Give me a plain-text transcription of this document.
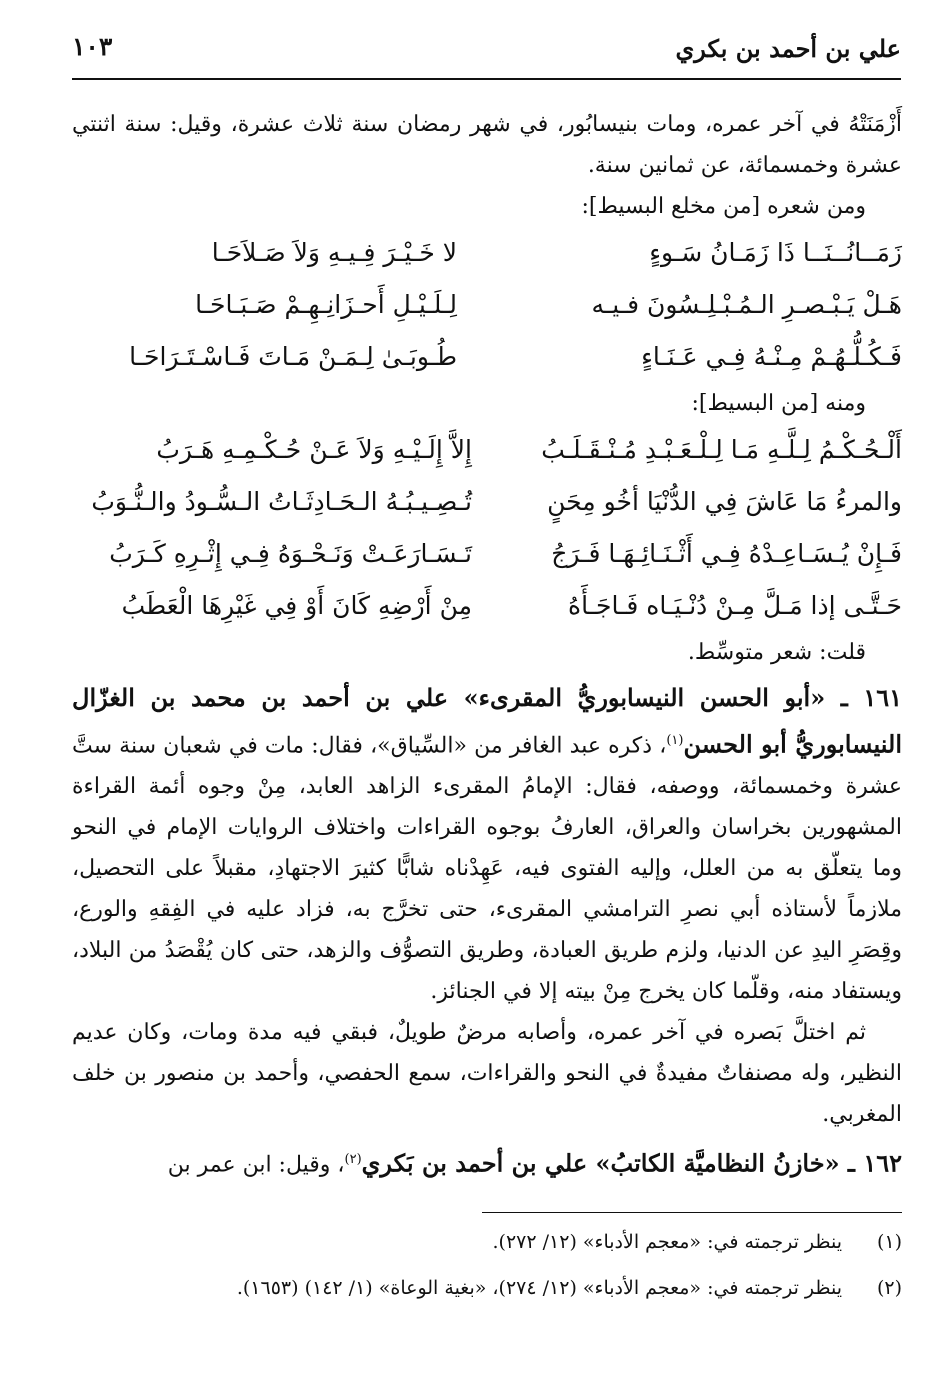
علي بن أحمد بن بكري
١٠٣

أَزْمَنَتْهُ في آخر عمره، ومات بنيسابُور، في شهر رمضان سنة ثلاث عشرة، وقيل: سنة اثنتي عشرة وخمسمائة، عن ثمانين سنة.

ومن شعره [من مخلع البسيط]:

زَمَــانُــنَــا ذَا زَمَـانُ سَـوءٍ
لا خَـيْـرَ فِـيـهِ وَلاَ صَـلاَحَـا
هَـلْ يَـبْـصـرِ الـمُـبْـلِـسُونَ فـيـه
لِـلَـيْـلِ أَحـزَانِـهِـمْ صَـبَـاحَـا
فَـكُـلُّـهُـمْ مِـنْـهُ فِـي عَـنَـاءٍ
طُـوبَـىٰ لِـمَـنْ مَـاتَ فَـاسْـتَـرَاحَـا

ومنه [من البسيط]:

أَلْـحُـكْـمُ لِـلَّـهِ مَـا لِـلْـعَـبْـدِ مُـنْـقَـلَـبُ
إِلاَّ إِلَـيْـهِ وَلاَ عَـنْ حُـكْـمِـهِ هَـرَبُ
والمرءُ مَا عَاشَ فِي الدُّنْيَا أخُو مِحَنٍ
تُـصِـيـبُـهُ الـحَـادِثَـاتُ الـسُّـودُ والـنُّـوَبُ
فَـإِنْ يُـسَـاعِـدْهُ فِـي أَثْـنَـائِـهَـا فَـرَجُ
تَـسَـارَعَـتْ وَنَـحْـوَهُ فِـي إِثْـرِهِ كَـرَبُ
حَـتَّـى إذا مَـلَّ مِـنْ دُنْـيَـاه فَـاجَـأَهُ
مِنْ أَرْضِهِ كَانَ أَوْ فِي غَيْرِهَا الْعَطَبُ

قلت: شعر متوسِّط.

١٦١ ـ «أبو الحسن النيسابوريُّ المقرىء» علي بن أحمد بن محمد بن الغزّال النيسابوريُّ أبو الحسن$^{(١)}$، ذكره عبد الغافر من «السِّياق»، فقال: مات في شعبان سنة ستَّ عشرة وخمسمائة، ووصفه، فقال: الإمامُ المقرىء الزاهد العابد، مِنْ وجوه أئمة القراءة المشهورين بخراسان والعراق، العارفُ بوجوه القراءات واختلاف الروايات الإمام في النحو وما يتعلّق به من العلل، وإليه الفتوى فيه، عَهِدْناه شابًّا كثيرَ الاجتهادِ، مقبلاً على التحصيل، ملازماً لأستاذه أبي نصرِ الترامشي المقرىء، حتى تخرَّج به، فزاد عليه في الفِقهِ والورع، وقِصَرِ اليدِ عن الدنيا، ولزم طريق العبادة، وطريق التصوُّف والزهد، حتى كان يُقْصَدُ من البلاد، ويستفاد منه، وقلّما كان يخرج مِنْ بيته إلا في الجنائز.

ثم اختلَّ بَصره في آخر عمره، وأصابه مرضٌ طويلٌ، فبقي فيه مدة ومات، وكان عديم النظير، وله مصنفاتٌ مفيدةٌ في النحو والقراءات، سمع الحفصي، وأحمد بن منصور بن خلف المغربي.

١٦٢ ـ «خازنُ النظاميَّة الكاتبُ» علي بن أحمد بن بَكري$^{(٢)}$، وقيل: ابن عمر بن

(١)
ينظر ترجمته في: «معجم الأدباء» (١٢/ ٢٧٢).
(٢)
ينظر ترجمته في: «معجم الأدباء» (١٢/ ٢٧٤)، «بغية الوعاة» (١/ ١٤٢) (١٦٥٣).
